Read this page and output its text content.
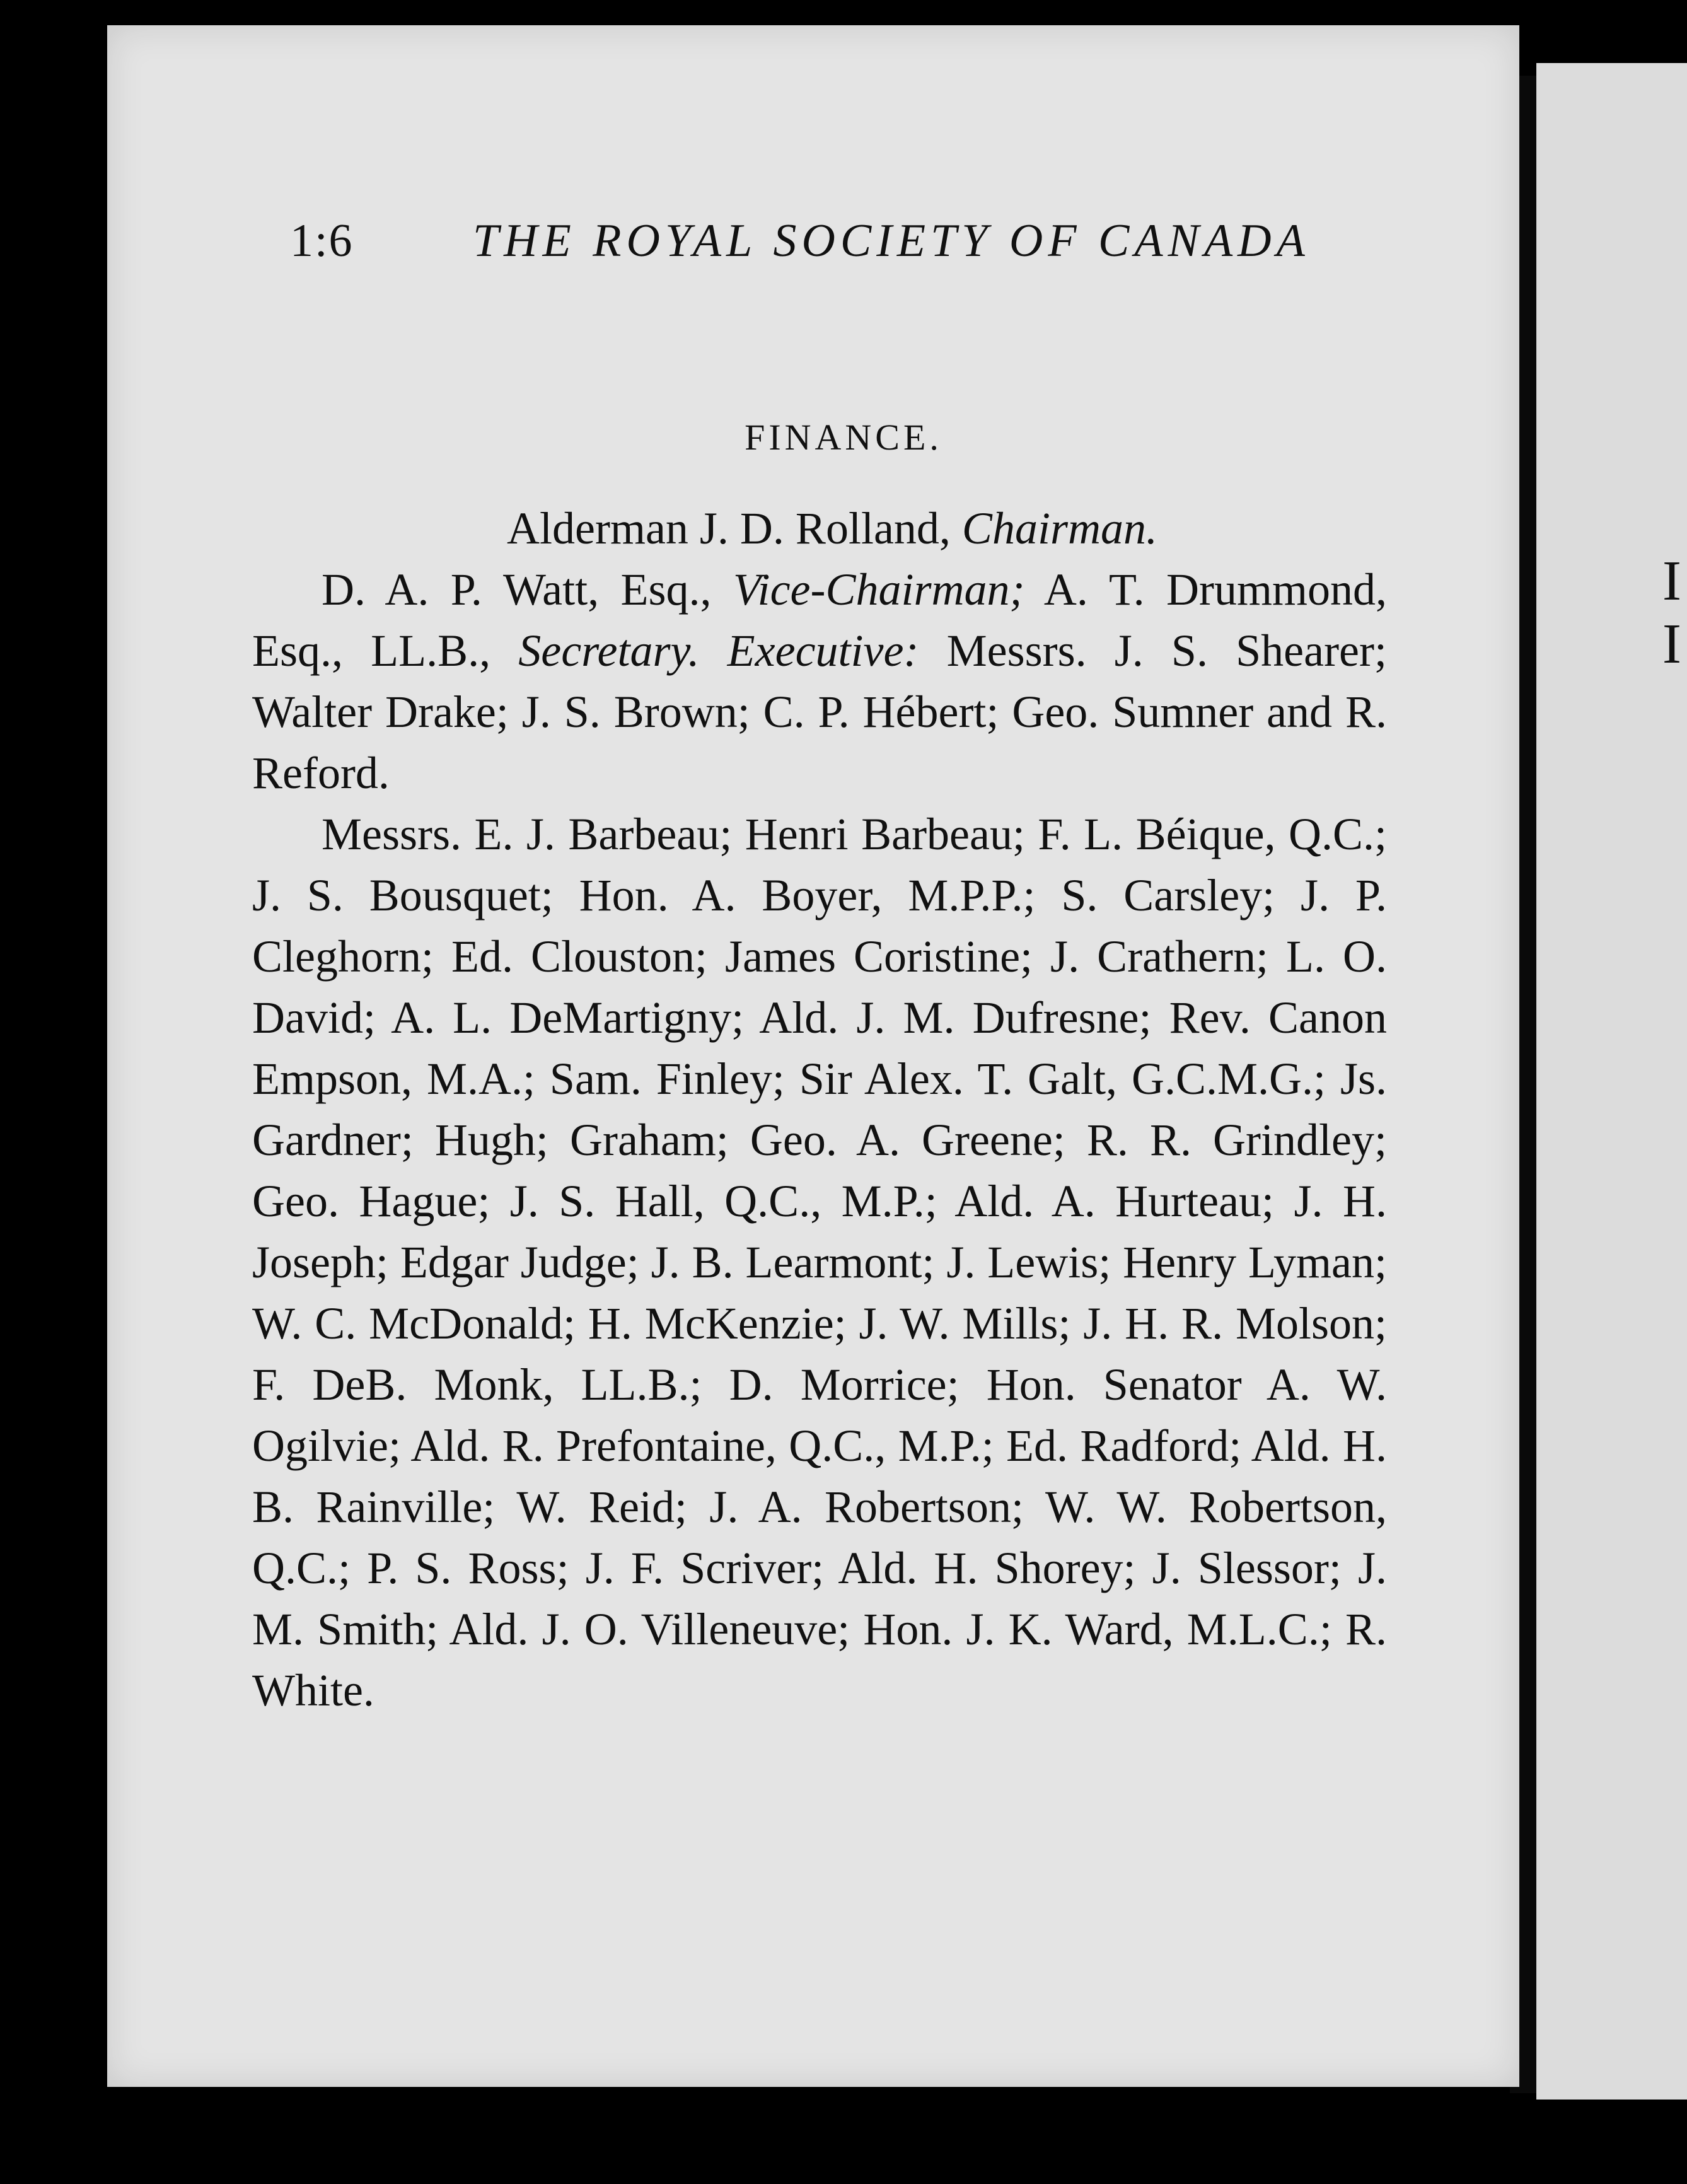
I
I
1:6	THE ROYAL SOCIETY OF CANADA
FINANCE.
Alderman J. D. Rolland, Chairman.

D. A. P. Watt, Esq., Vice-Chairman; A. T. Drummond, Esq., LL.B., Secretary. Executive: Messrs. J. S. Shearer; Walter Drake; J. S. Brown; C. P. Hébert; Geo. Sumner and R. Reford.

Messrs. E. J. Barbeau; Henri Barbeau; F. L. Béique, Q.C.; J. S. Bousquet; Hon. A. Boyer, M.P.P.; S. Carsley; J. P. Cleghorn; Ed. Clouston; James Coristine; J. Crathern; L. O. David; A. L. DeMartigny; Ald. J. M. Dufresne; Rev. Canon Empson, M.A.; Sam. Finley; Sir Alex. T. Galt, G.C.M.G.; Js. Gardner; Hugh; Graham; Geo. A. Greene; R. R. Grindley; Geo. Hague; J. S. Hall, Q.C., M.P.; Ald. A. Hurteau; J. H. Joseph; Edgar Judge; J. B. Learmont; J. Lewis; Henry Lyman; W. C. McDonald; H. McKenzie; J. W. Mills; J. H. R. Molson; F. DeB. Monk, LL.B.; D. Morrice; Hon. Senator A. W. Ogilvie; Ald. R. Prefontaine, Q.C., M.P.; Ed. Radford; Ald. H. B. Rainville; W. Reid; J. A. Robertson; W. W. Robertson, Q.C.; P. S. Ross; J. F. Scriver; Ald. H. Shorey; J. Slessor; J. M. Smith; Ald. J. O. Villeneuve; Hon. J. K. Ward, M.L.C.; R. White.
